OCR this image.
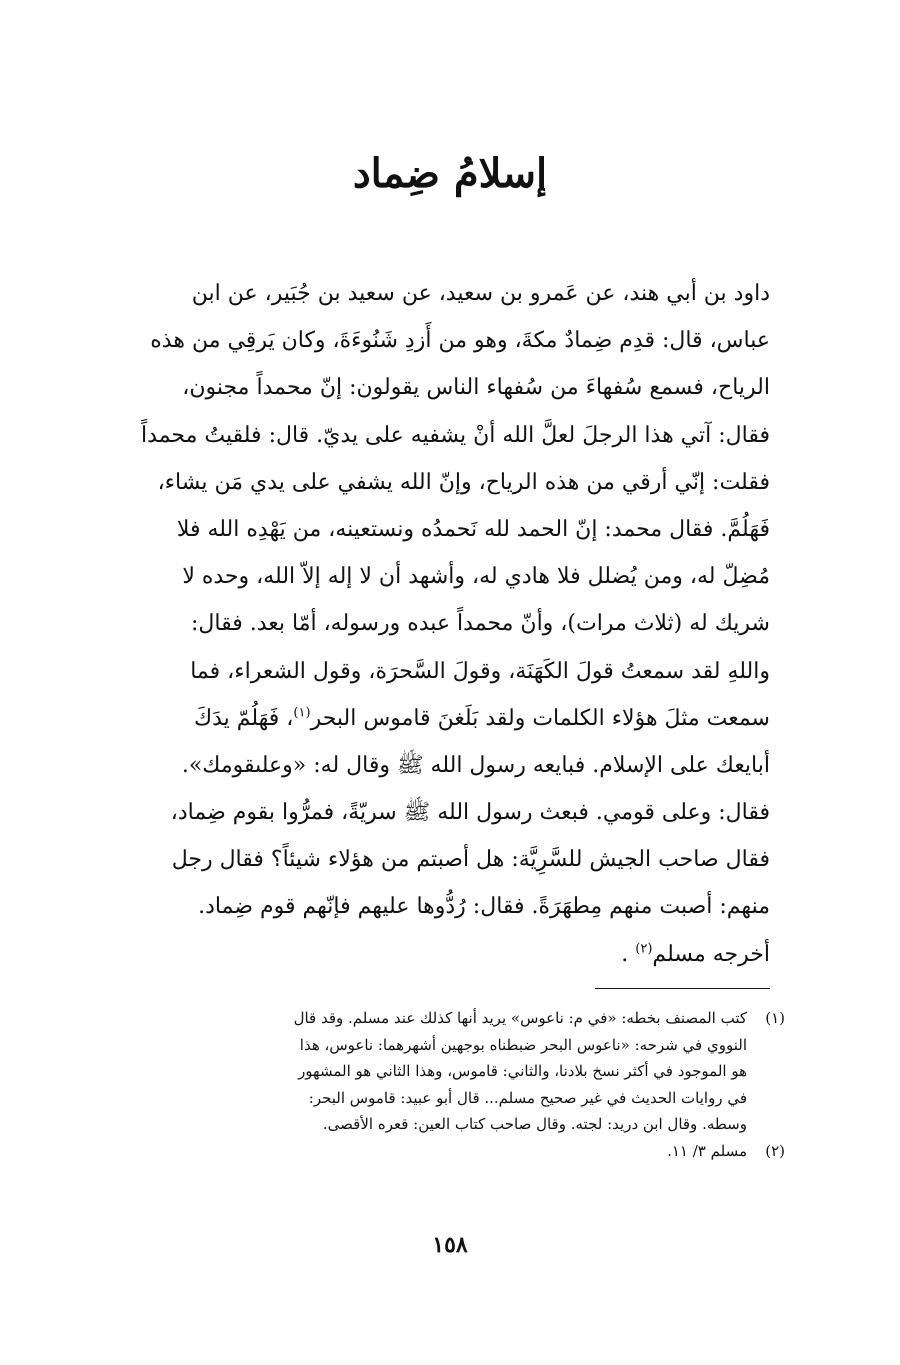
إسلامُ ضِماد
داود بن أبي هند، عن عَمرو بن سعيد، عن سعيد بن جُبَير، عن ابن
عباس، قال: قدِم ضِمادٌ مكةَ، وهو من أَزدِ شَنُوءَةَ، وكان يَرقِي من هذه
الرياح، فسمع سُفهاءَ من سُفهاء الناس يقولون: إنّ محمداً مجنون،
فقال: آتي هذا الرجلَ لعلَّ الله أنْ يشفيه على يديّ. قال: فلقيتُ محمداً
فقلت: إنّي أرقي من هذه الرياح، وإنّ الله يشفي على يدي مَن يشاء،
فَهَلُمَّ. فقال محمد: إنّ الحمد لله نَحمدُه ونستعينه، من يَهْدِه الله فلا
مُضِلّ له، ومن يُضلل فلا هادي له، وأشهد أن لا إله إلاّ الله، وحده لا
شريك له (ثلاث مرات)، وأنّ محمداً عبده ورسوله، أمّا بعد. فقال:
واللهِ لقد سمعتُ قولَ الكَهَنَة، وقولَ السَّحرَة، وقول الشعراء، فما
سمعت مثلَ هؤلاء الكلمات ولقد بَلَغنَ قاموس البحر$^{(١)}$، فَهَلُمّ يدَكَ
أبايعك على الإسلام. فبايعه رسول الله ﷺ وقال له: «وعلىقومك».
فقال: وعلى قومي. فبعث رسول الله ﷺ سريّةً، فمرُّوا بقوم ضِماد،
فقال صاحب الجيش للسَّرِيَّة: هل أصبتم من هؤلاء شيئاً؟ فقال رجل
منهم: أصبت منهم مِطهَرَةً. فقال: رُدُّوها عليهم فإنّهم قوم ضِماد.
أخرجه مسلم$^{(٢)}$ .
(١)كتب المصنف بخطه: «في م: ناعوس» يريد أنها كذلك عند مسلم. وقد قال
النووي في شرحه: «ناعوس البحر ضبطناه بوجهين أشهرهما: ناعوس، هذا
هو الموجود في أكثر نسخ بلادنا، والثاني: قاموس، وهذا الثاني هو المشهور
في روايات الحديث في غير صحيح مسلم... قال أبو عبيد: قاموس البحر:
وسطه. وقال ابن دريد: لجته. وقال صاحب كتاب العين: قعره الأقصى.
(٢)مسلم ٣/ ١١.
١٥٨
